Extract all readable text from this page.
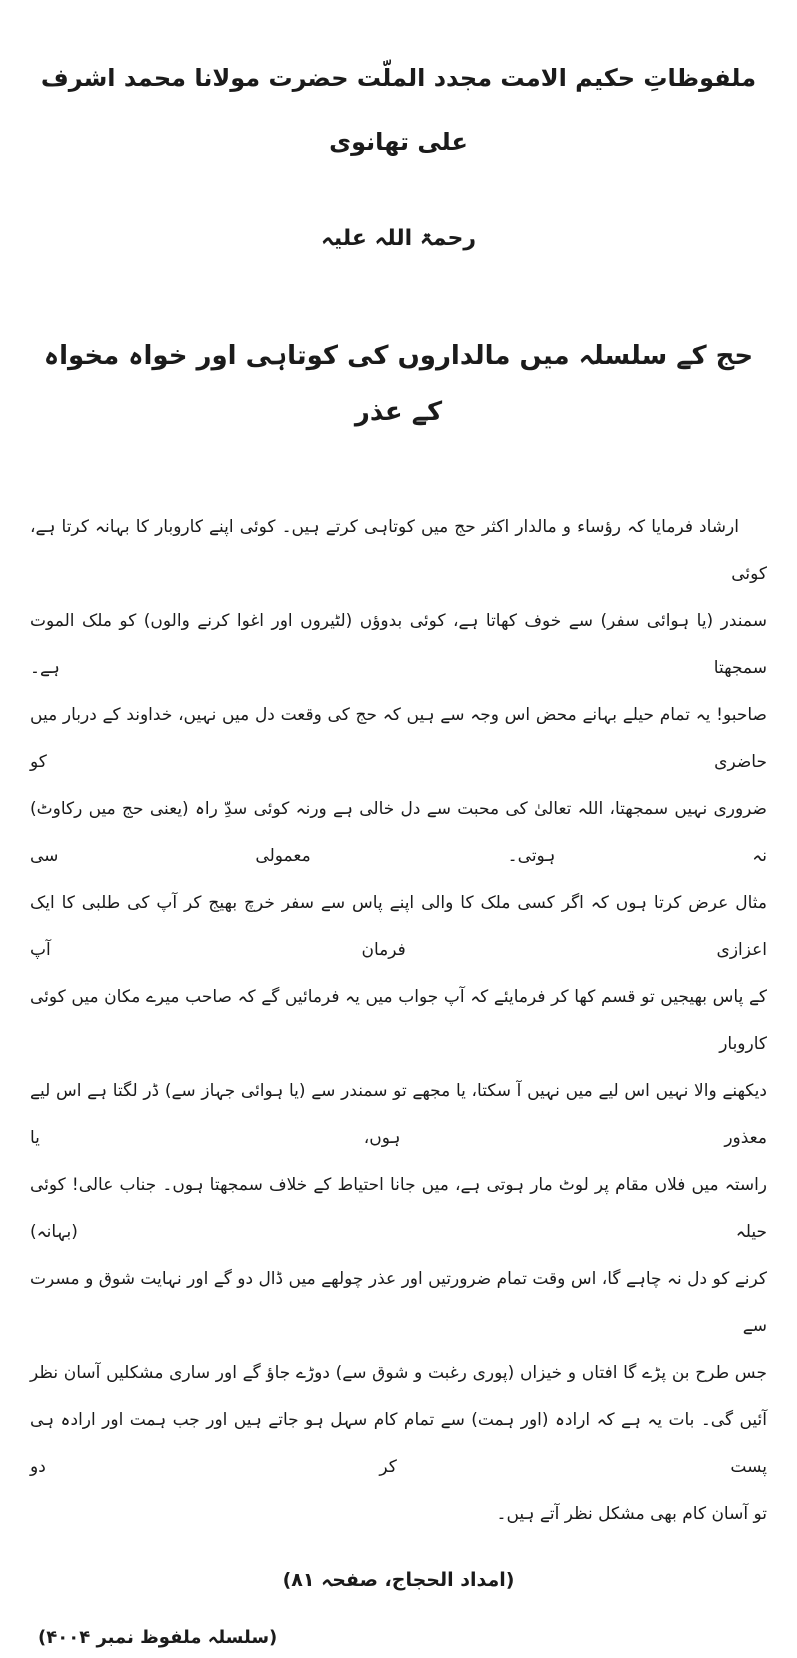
ملفوظاتِ حکیم الامت مجدد الملّت حضرت مولانا محمد اشرف علی تھانوی
رحمۃ اللہ علیہ
حج کے سلسلہ میں مالداروں کی کوتاہی اور خواہ مخواہ کے عذر
ارشاد فرمایا کہ رؤساء و مالدار اکثر حج میں کوتاہی کرتے ہیں۔ کوئی اپنے کاروبار کا بہانہ کرتا ہے، کوئی
سمندر (یا ہوائی سفر) سے خوف کھاتا ہے، کوئی بدوؤں (لٹیروں اور اغوا کرنے والوں) کو ملک الموت سمجھتا ہے۔
صاحبو! یہ تمام حیلے بہانے محض اس وجہ سے ہیں کہ حج کی وقعت دل میں نہیں، خداوند کے دربار میں حاضری کو
ضروری نہیں سمجھتا، اللہ تعالیٰ کی محبت سے دل خالی ہے ورنہ کوئی سدِّ راہ (یعنی حج میں رکاوٹ) نہ ہوتی۔ معمولی سی
مثال عرض کرتا ہوں کہ اگر کسی ملک کا والی اپنے پاس سے سفر خرچ بھیج کر آپ کی طلبی کا ایک اعزازی فرمان آپ
کے پاس بھیجیں تو قسم کھا کر فرمایئے کہ آپ جواب میں یہ فرمائیں گے کہ صاحب میرے مکان میں کوئی کاروبار
دیکھنے والا نہیں اس لیے میں نہیں آ سکتا، یا مجھے تو سمندر سے (یا ہوائی جہاز سے) ڈر لگتا ہے اس لیے معذور ہوں، یا
راستہ میں فلاں مقام پر لوٹ مار ہوتی ہے، میں جانا احتیاط کے خلاف سمجھتا ہوں۔ جناب عالی! کوئی حیلہ (بہانہ)
کرنے کو دل نہ چاہے گا، اس وقت تمام ضرورتیں اور عذر چولھے میں ڈال دو گے اور نہایت شوق و مسرت سے
جس طرح بن پڑے گا افتاں و خیزاں (پوری رغبت و شوق سے) دوڑے جاؤ گے اور ساری مشکلیں آسان نظر
آئیں گی۔ بات یہ ہے کہ ارادہ (اور ہمت) سے تمام کام سہل ہو جاتے ہیں اور جب ہمت اور ارادہ ہی پست کر دو
تو آسان کام بھی مشکل نظر آتے ہیں۔
(امداد الحجاج، صفحہ ۸۱)
(سلسلہ ملفوظ نمبر ۴۰۰۴)
